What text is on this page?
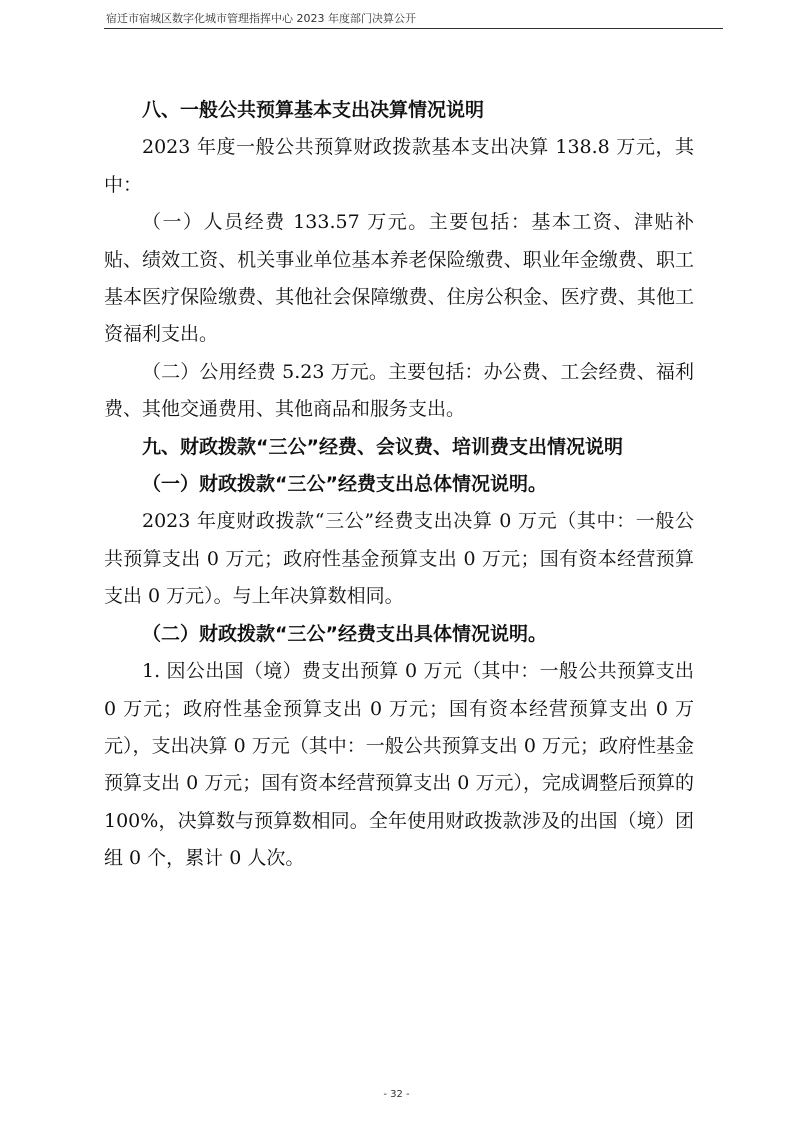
宿迁市宿城区数字化城市管理指挥中心 2023 年度部门决算公开

八、一般公共预算基本支出决算情况说明

2023 年度一般公共预算财政拨款基本支出决算 138.8 万元，其中：

（一）人员经费 133.57 万元。主要包括：基本工资、津贴补贴、绩效工资、机关事业单位基本养老保险缴费、职业年金缴费、职工基本医疗保险缴费、其他社会保障缴费、住房公积金、医疗费、其他工资福利支出。

（二）公用经费 5.23 万元。主要包括：办公费、工会经费、福利费、其他交通费用、其他商品和服务支出。

九、财政拨款“三公”经费、会议费、培训费支出情况说明

（一）财政拨款“三公”经费支出总体情况说明。

2023 年度财政拨款“三公”经费支出决算 0 万元（其中：一般公共预算支出 0 万元；政府性基金预算支出 0 万元；国有资本经营预算支出 0 万元）。与上年决算数相同。

（二）财政拨款“三公”经费支出具体情况说明。

1. 因公出国（境）费支出预算 0 万元（其中：一般公共预算支出 0 万元；政府性基金预算支出 0 万元；国有资本经营预算支出 0 万元），支出决算 0 万元（其中：一般公共预算支出 0 万元；政府性基金预算支出 0 万元；国有资本经营预算支出 0 万元），完成调整后预算的 100%，决算数与预算数相同。全年使用财政拨款涉及的出国（境）团组 0 个，累计 0 人次。

- 32 -
